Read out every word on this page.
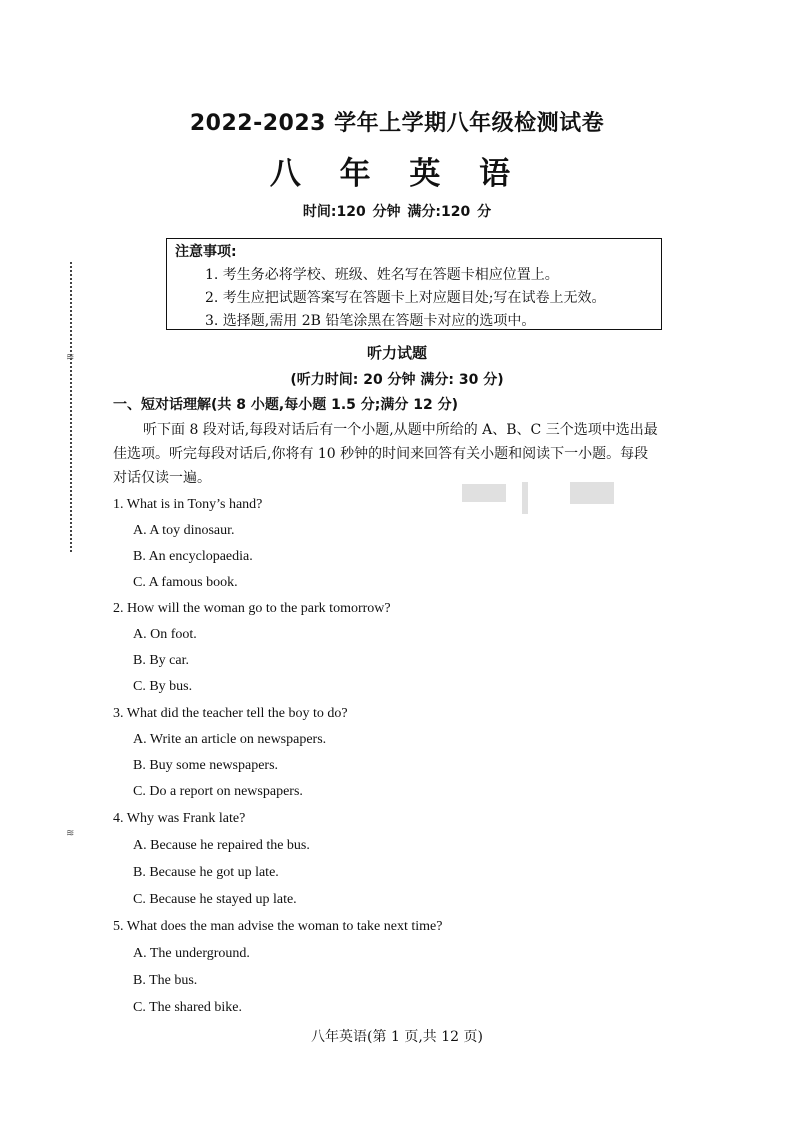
≋
≋
2022-2023 学年上学期八年级检测试卷
八 年 英 语
时间:120 分钟 满分:120 分
注意事项:
1. 考生务必将学校、班级、姓名写在答题卡相应位置上。
2. 考生应把试题答案写在答题卡上对应题目处;写在试卷上无效。
3. 选择题,需用 2B 铅笔涂黑在答题卡对应的选项中。
听力试题
(听力时间: 20 分钟 满分: 30 分)
一、短对话理解(共 8 小题,每小题 1.5 分;满分 12 分)
听下面 8 段对话,每段对话后有一个小题,从题中所给的 A、B、C 三个选项中选出最
佳选项。听完每段对话后,你将有 10 秒钟的时间来回答有关小题和阅读下一小题。每段
对话仅读一遍。
1. What is in Tony’s hand?
A. A toy dinosaur.
B. An encyclopaedia.
C. A famous book.
2. How will the woman go to the park tomorrow?
A. On foot.
B. By car.
C. By bus.
3. What did the teacher tell the boy to do?
A. Write an article on newspapers.
B. Buy some newspapers.
C. Do a report on newspapers.
4. Why was Frank late?
A. Because he repaired the bus.
B. Because he got up late.
C. Because he stayed up late.
5. What does the man advise the woman to take next time?
A. The underground.
B. The bus.
C. The shared bike.
八年英语(第 1 页,共 12 页)
